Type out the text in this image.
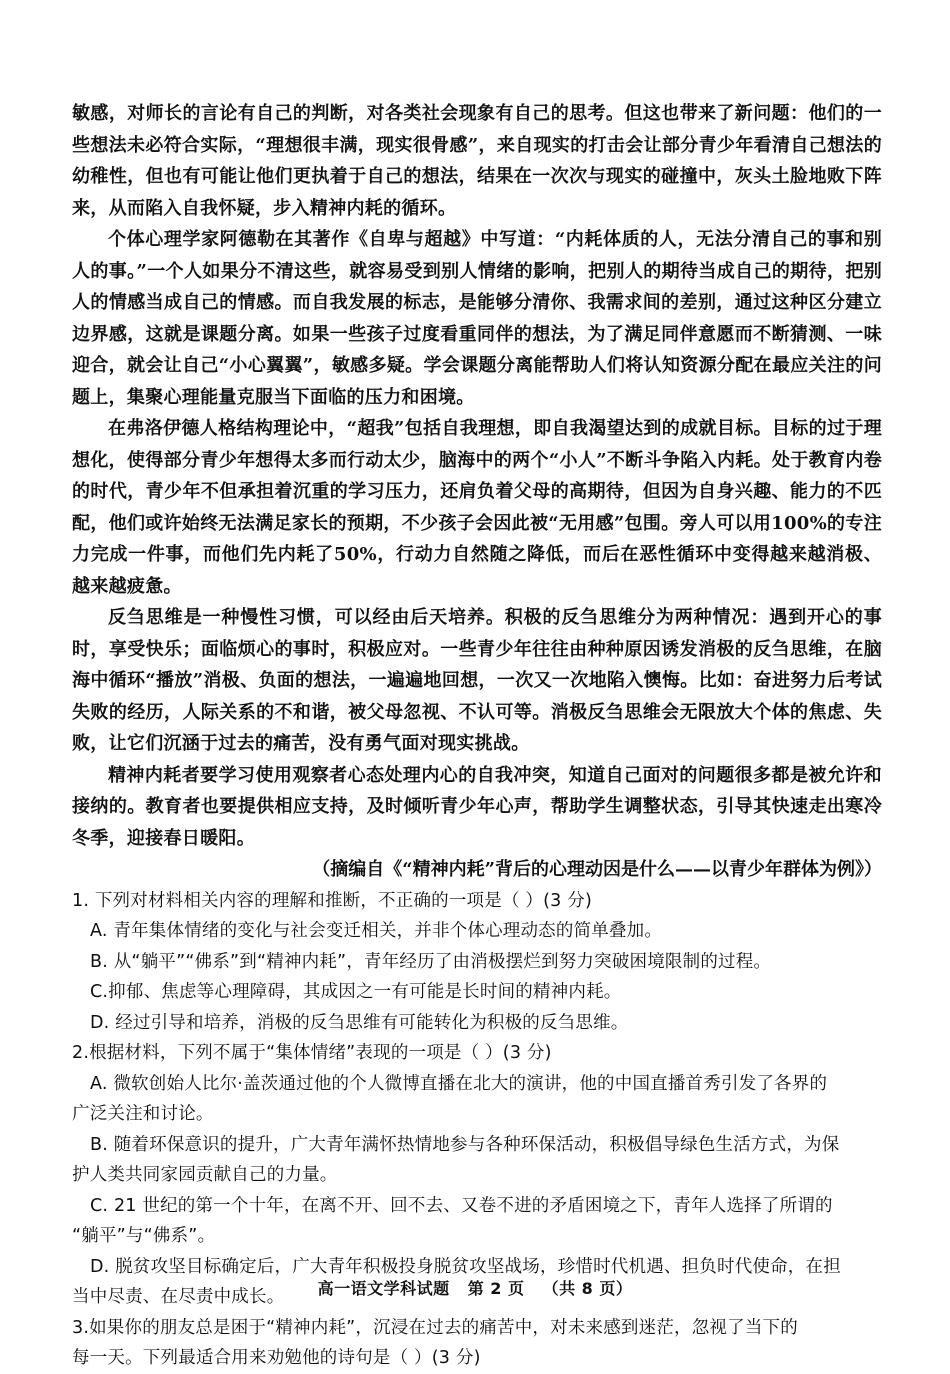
敏感，对师长的言论有自己的判断，对各类社会现象有自己的思考。但这也带来了新问题：他们的一些想法未必符合实际，“理想很丰满，现实很骨感”，来自现实的打击会让部分青少年看清自己想法的幼稚性，但也有可能让他们更执着于自己的想法，结果在一次次与现实的碰撞中，灰头土脸地败下阵来，从而陷入自我怀疑，步入精神内耗的循环。

个体心理学家阿德勒在其著作《自卑与超越》中写道：“内耗体质的人，无法分清自己的事和别人的事。”一个人如果分不清这些，就容易受到别人情绪的影响，把别人的期待当成自己的期待，把别人的情感当成自己的情感。而自我发展的标志，是能够分清你、我需求间的差别，通过这种区分建立边界感，这就是课题分离。如果一些孩子过度看重同伴的想法，为了满足同伴意愿而不断猜测、一味迎合，就会让自己“小心翼翼”，敏感多疑。学会课题分离能帮助人们将认知资源分配在最应关注的问题上，集聚心理能量克服当下面临的压力和困境。

在弗洛伊德人格结构理论中，“超我”包括自我理想，即自我渴望达到的成就目标。目标的过于理想化，使得部分青少年想得太多而行动太少，脑海中的两个“小人”不断斗争陷入内耗。处于教育内卷的时代，青少年不但承担着沉重的学习压力，还肩负着父母的高期待，但因为自身兴趣、能力的不匹配，他们或许始终无法满足家长的预期，不少孩子会因此被“无用感”包围。旁人可以用100%的专注力完成一件事，而他们先内耗了50%，行动力自然随之降低，而后在恶性循环中变得越来越消极、越来越疲惫。

反刍思维是一种慢性习惯，可以经由后天培养。积极的反刍思维分为两种情况：遇到开心的事时，享受快乐；面临烦心的事时，积极应对。一些青少年往往由种种原因诱发消极的反刍思维，在脑海中循环“播放”消极、负面的想法，一遍遍地回想，一次又一次地陷入懊悔。比如：奋进努力后考试失败的经历，人际关系的不和谐，被父母忽视、不认可等。消极反刍思维会无限放大个体的焦虑、失败，让它们沉涵于过去的痛苦，没有勇气面对现实挑战。

精神内耗者要学习使用观察者心态处理内心的自我冲突，知道自己面对的问题很多都是被允许和接纳的。教育者也要提供相应支持，及时倾听青少年心声，帮助学生调整状态，引导其快速走出寒冷冬季，迎接春日暖阳。

（摘编自《“精神内耗”背后的心理动因是什么——以青少年群体为例》）

1. 下列对材料相关内容的理解和推断，不正确的一项是（ ）(3 分)

A. 青年集体情绪的变化与社会变迁相关，并非个体心理动态的简单叠加。

B. 从“躺平”“佛系”到“精神内耗”，青年经历了由消极摆烂到努力突破困境限制的过程。

C.抑郁、焦虑等心理障碍，其成因之一有可能是长时间的精神内耗。

D. 经过引导和培养，消极的反刍思维有可能转化为积极的反刍思维。

2.根据材料，下列不属于“集体情绪”表现的一项是（ ）(3 分)

A. 微软创始人比尔·盖茨通过他的个人微博直播在北大的演讲，他的中国直播首秀引发了各界的

广泛关注和讨论。

B. 随着环保意识的提升，广大青年满怀热情地参与各种环保活动，积极倡导绿色生活方式，为保

护人类共同家园贡献自己的力量。

C. 21 世纪的第一个十年，在离不开、回不去、又卷不进的矛盾困境之下，青年人选择了所谓的

“躺平”与“佛系”。

D. 脱贫攻坚目标确定后，广大青年积极投身脱贫攻坚战场，珍惜时代机遇、担负时代使命，在担

当中尽责、在尽责中成长。

3.如果你的朋友总是困于“精神内耗”，沉浸在过去的痛苦中，对未来感到迷茫，忽视了当下的

每一天。下列最适合用来劝勉他的诗句是（ ）(3 分)

高一语文学科试题 第 2 页 （共 8 页）
